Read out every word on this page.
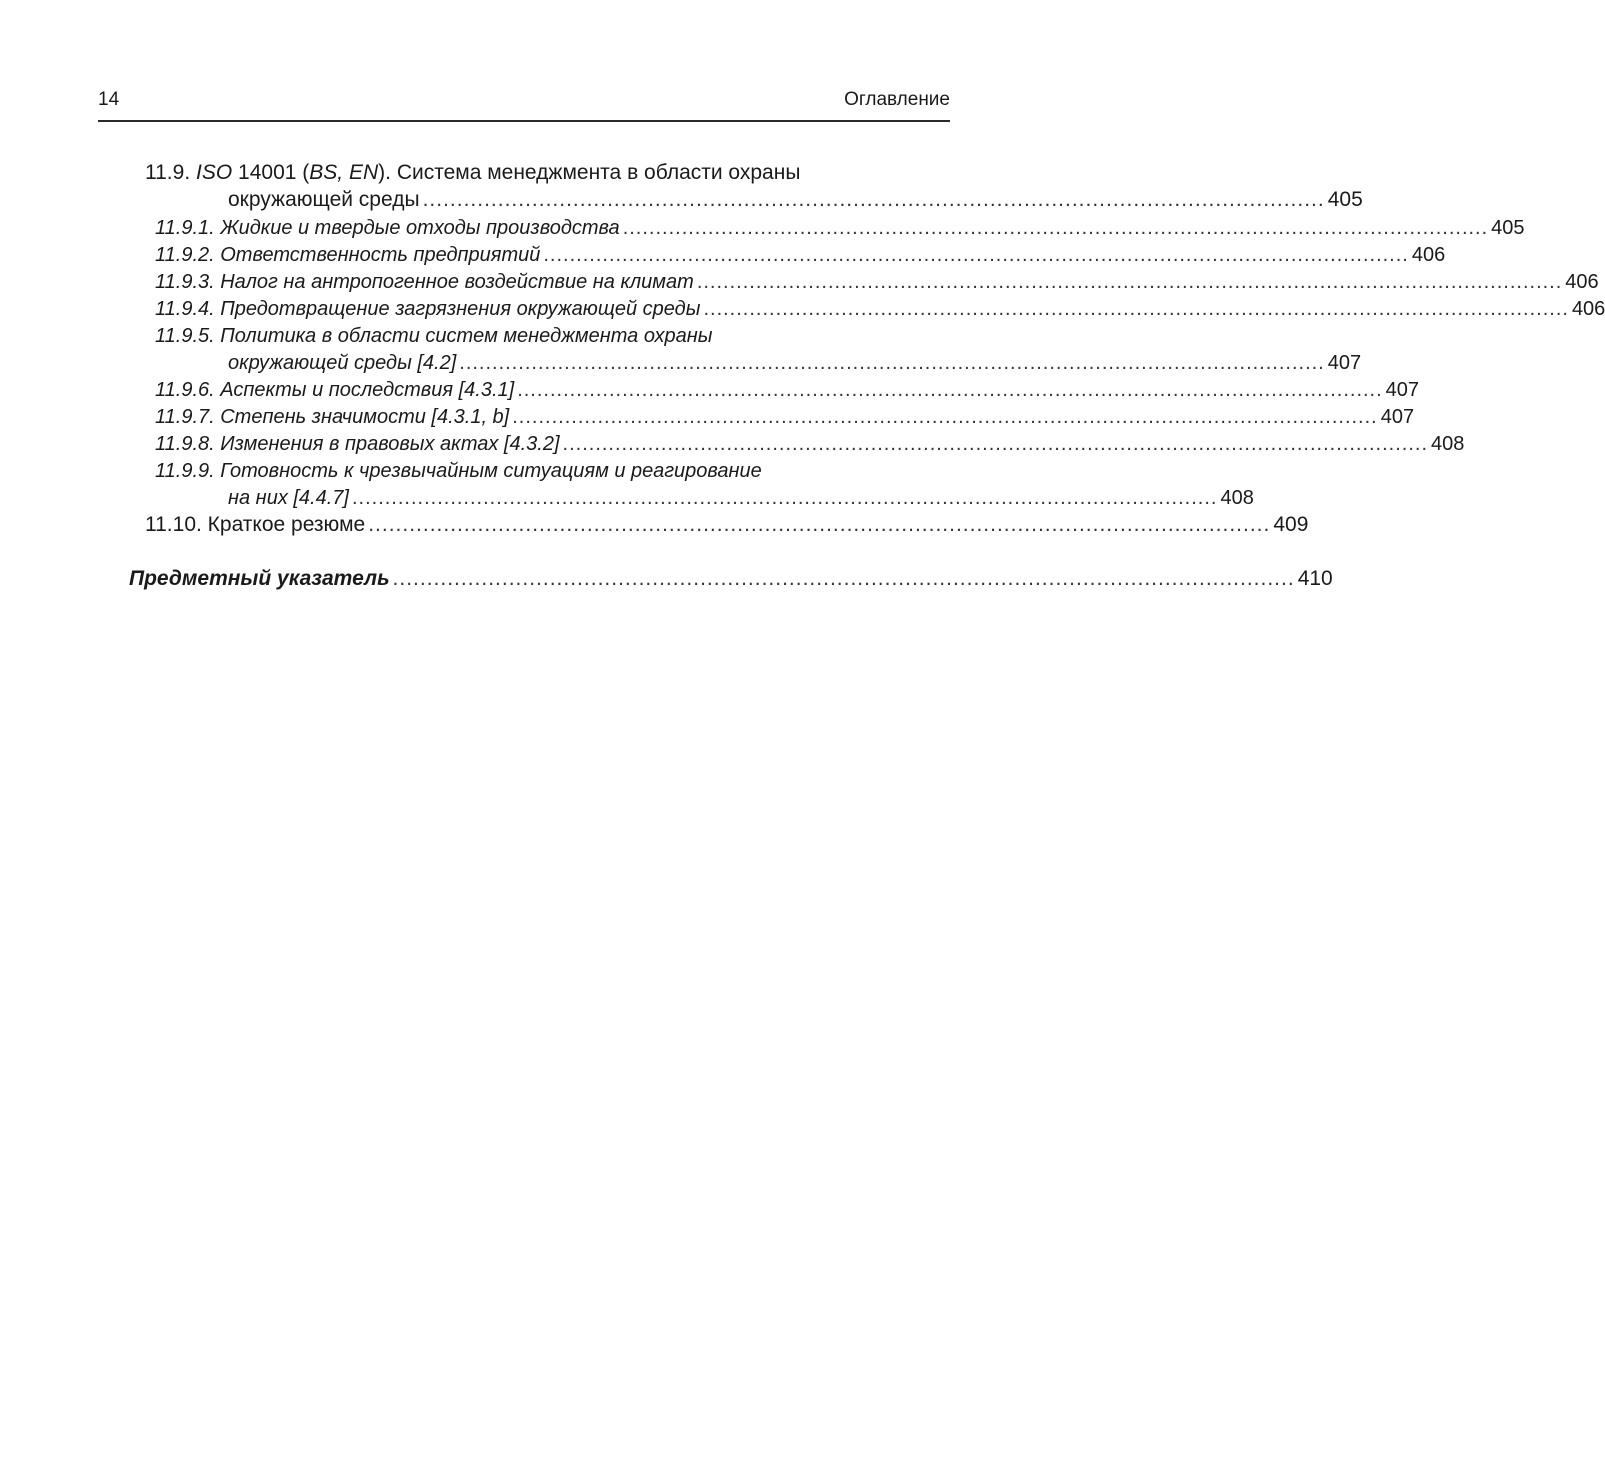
14	Оглавление
11.9. ISO 14001 (BS, EN). Система менеджмента в области охраны
окружающей среды .................................................................................................................................... 405
11.9.1. Жидкие и твердые отходы производства .................................................................................................................................... 405
11.9.2. Ответственность предприятий .................................................................................................................................... 406
11.9.3. Налог на антропогенное воздействие на климат .................................................................................................................................... 406
11.9.4. Предотвращение загрязнения окружающей среды .................................................................................................................................... 406
11.9.5. Политика в области систем менеджмента охраны
окружающей среды [4.2] .................................................................................................................................... 407
11.9.6. Аспекты и последствия [4.3.1] .................................................................................................................................... 407
11.9.7. Степень значимости [4.3.1, b] .................................................................................................................................... 407
11.9.8. Изменения в правовых актах [4.3.2] .................................................................................................................................... 408
11.9.9. Готовность к чрезвычайным ситуациям и реагирование
на них [4.4.7] .................................................................................................................................... 408
11.10. Краткое резюме .................................................................................................................................... 409
Предметный указатель .................................................................................................................................... 410
